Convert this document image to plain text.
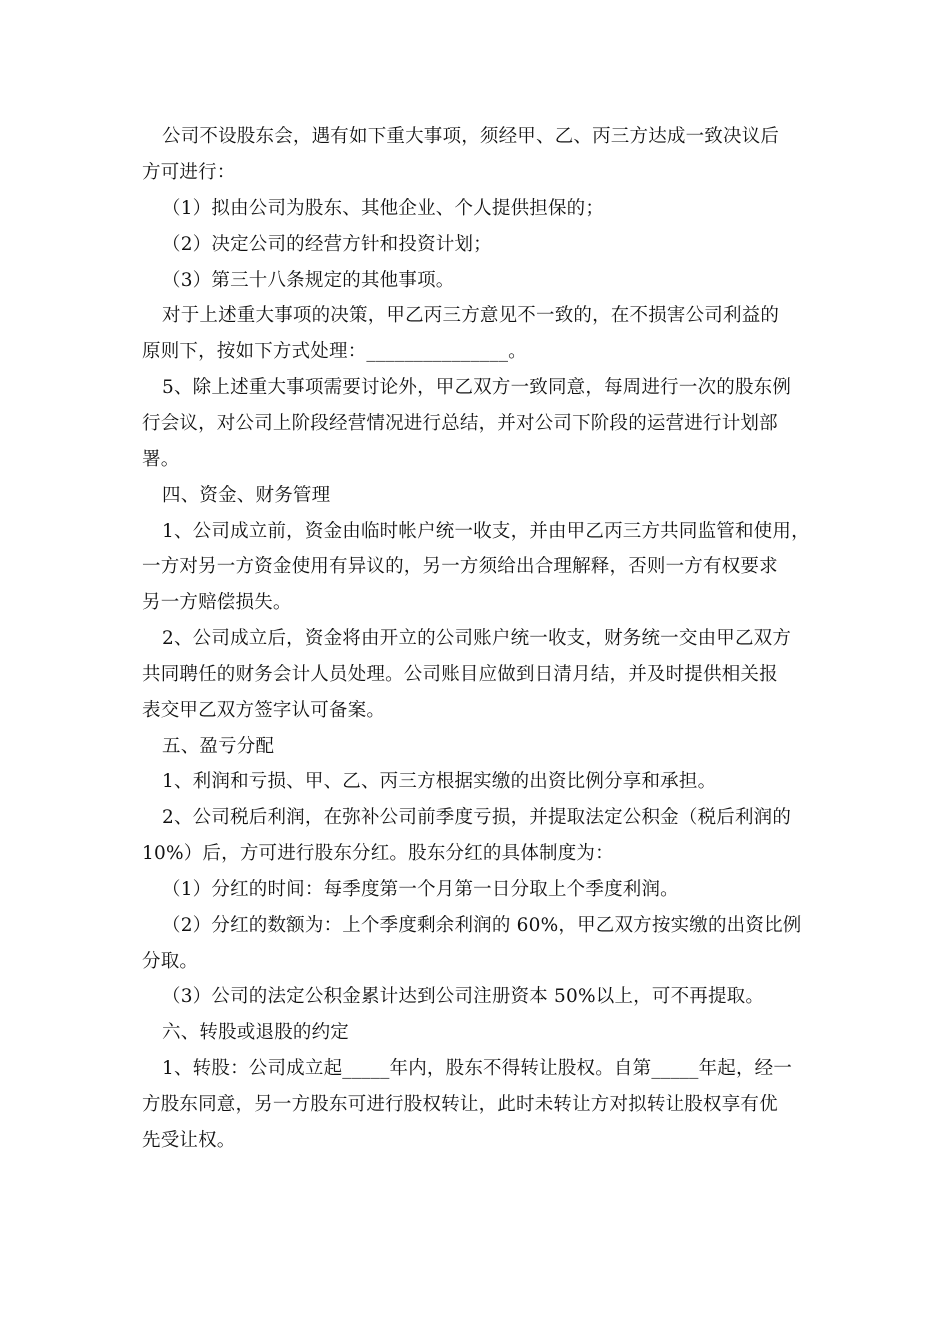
公司不设股东会，遇有如下重大事项，须经甲、乙、丙三方达成一致决议后
方可进行：
（1）拟由公司为股东、其他企业、个人提供担保的；
（2）决定公司的经营方针和投资计划；
（3）第三十八条规定的其他事项。
对于上述重大事项的决策，甲乙丙三方意见不一致的，在不损害公司利益的
原则下，按如下方式处理：_______________。
5、除上述重大事项需要讨论外，甲乙双方一致同意，每周进行一次的股东例
行会议，对公司上阶段经营情况进行总结，并对公司下阶段的运营进行计划部
署。
四、资金、财务管理
1、公司成立前，资金由临时帐户统一收支，并由甲乙丙三方共同监管和使用，
一方对另一方资金使用有异议的，另一方须给出合理解释，否则一方有权要求
另一方赔偿损失。
2、公司成立后，资金将由开立的公司账户统一收支，财务统一交由甲乙双方
共同聘任的财务会计人员处理。公司账目应做到日清月结，并及时提供相关报
表交甲乙双方签字认可备案。
五、盈亏分配
1、利润和亏损、甲、乙、丙三方根据实缴的出资比例分享和承担。
2、公司税后利润，在弥补公司前季度亏损，并提取法定公积金（税后利润的
10%）后，方可进行股东分红。股东分红的具体制度为：
（1）分红的时间：每季度第一个月第一日分取上个季度利润。
（2）分红的数额为：上个季度剩余利润的 60%，甲乙双方按实缴的出资比例
分取。
（3）公司的法定公积金累计达到公司注册资本 50%以上，可不再提取。
六、转股或退股的约定
1、转股：公司成立起_____年内，股东不得转让股权。自第_____年起，经一
方股东同意，另一方股东可进行股权转让，此时未转让方对拟转让股权享有优
先受让权。
